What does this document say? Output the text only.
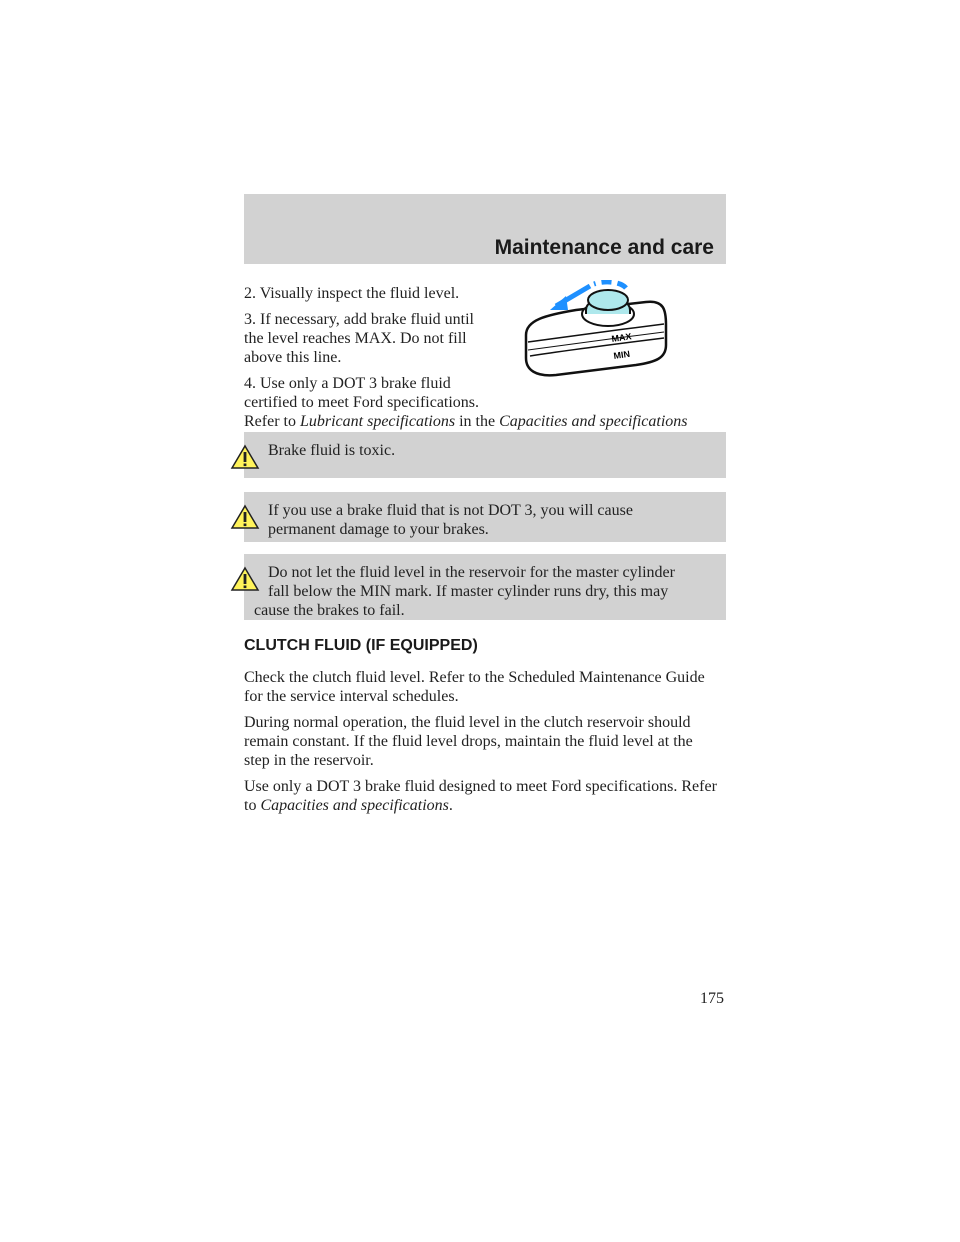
Maintenance and care

2. Visually inspect the fluid level.

3. If necessary, add brake fluid until

the level reaches MAX. Do not fill

above this line.

4. Use only a DOT 3 brake fluid

certified to meet Ford specifications.

Refer to Lubricant specifications in the Capacities and specifications

MAX
MIN
Brake fluid is toxic.
If you use a brake fluid that is not DOT 3, you will cause
permanent damage to your brakes.
Do not let the fluid level in the reservoir for the master cylinder
fall below the MIN mark. If master cylinder runs dry, this may
cause the brakes to fail.
CLUTCH FLUID (IF EQUIPPED)

Check the clutch fluid level. Refer to the Scheduled Maintenance Guide

for the service interval schedules.

During normal operation, the fluid level in the clutch reservoir should

remain constant. If the fluid level drops, maintain the fluid level at the

step in the reservoir.

Use only a DOT 3 brake fluid designed to meet Ford specifications. Refer

to Capacities and specifications.

175
